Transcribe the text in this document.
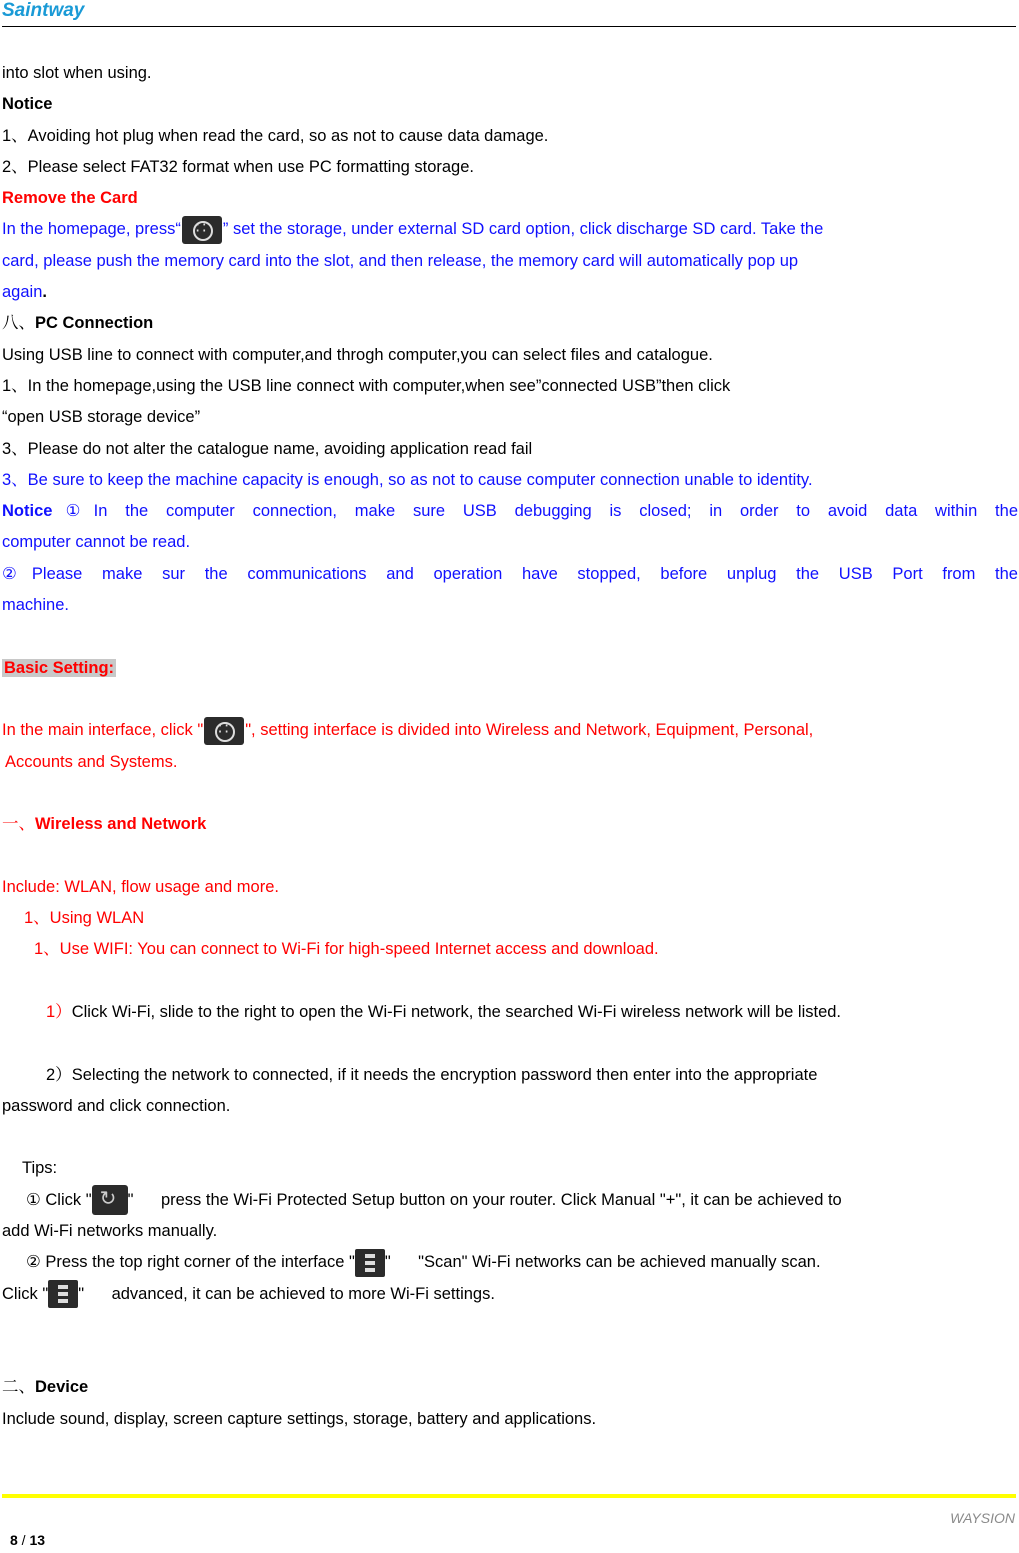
Saintway
into slot when using.
Notice
1、Avoiding hot plug when read the card, so as not to cause data damage.
2、Please select FAT32 format when use PC formatting storage.
Remove the Card
In the homepage, press“ ∷	” set the storage, under external SD card option, click discharge SD card. Take the
card, please push the memory card into the slot, and then release, the memory card will automatically pop up
again.
八、PC Connection
Using USB line to connect with computer,and throgh computer,you can select files and catalogue.
1、In the homepage,using the USB line connect with computer,when see”connected USB”then click
“open USB storage device”
3、Please do not alter the catalogue name, avoiding application read fail
3、Be sure to keep the machine capacity is enough, so as not to cause computer connection unable to identity.
Notice①In the computer connection, make sure USB debugging is closed; in order to avoid data within the
computer cannot be read.
②Please make sur the communications and operation have stopped, before unplug the USB Port from the
machine.
Basic Setting:
In the main interface, click " ∷	", setting interface is divided into Wireless and Network, Equipment, Personal,
Accounts and Systems.
一、Wireless and Network
Include: WLAN, flow usage and more.
1、Using WLAN
1、Use WIFI: You can connect to Wi-Fi for high-speed Internet access and download.
1）Click Wi-Fi, slide to the right to open the Wi-Fi network, the searched Wi-Fi wireless network will be listed.
2）Selecting the network to connected, if it needs the encryption password then enter into the appropriate
password and click connection.
Tips:
① Click " ↻ "      press the Wi-Fi Protected Setup button on your router. Click Manual "+", it can be achieved to
add Wi-Fi networks manually.
② Press the top right corner of the interface " "      "Scan" Wi-Fi networks can be achieved manually scan.
Click " "      advanced, it can be achieved to more Wi-Fi settings.
二、Device
Include sound, display, screen capture settings, storage, battery and applications.
WAYSION
8 / 13
